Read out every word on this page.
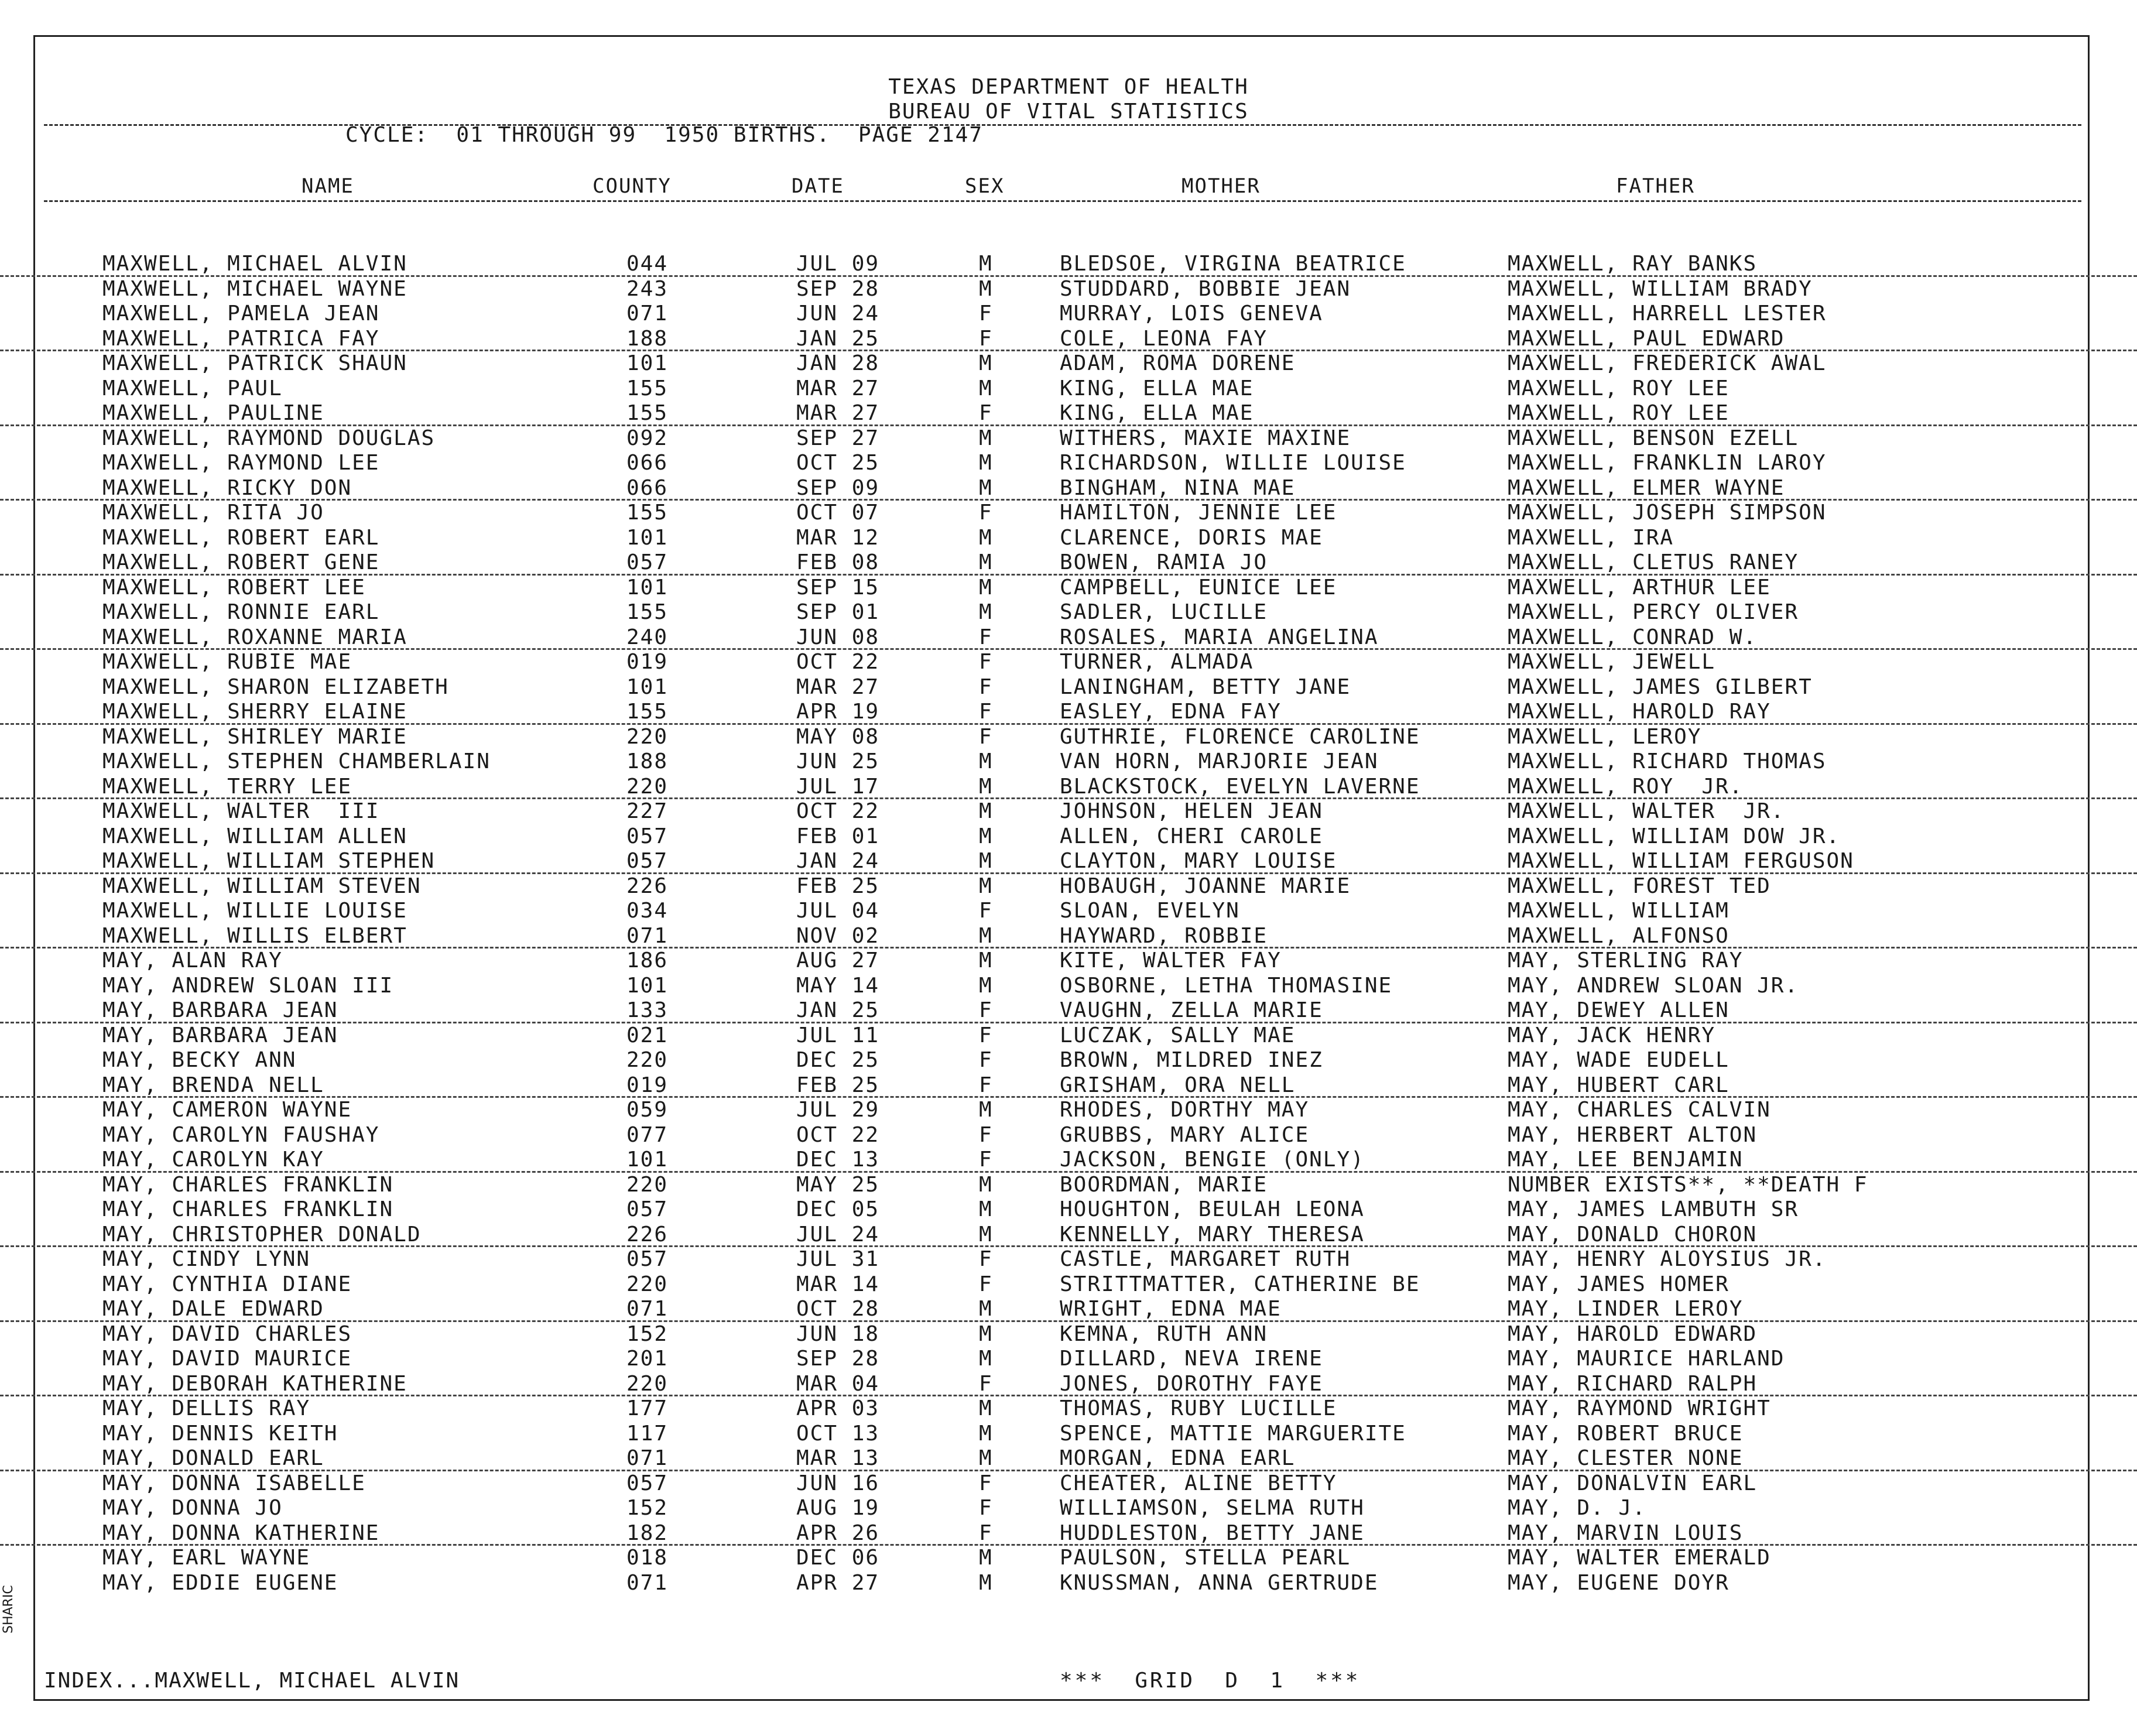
TEXAS DEPARTMENT OF HEALTH
BUREAU OF VITAL STATISTICS
CYCLE:  01 THROUGH 99  1950 BIRTHS.  PAGE 2147
NAME	COUNTY	DATE	SEX	MOTHER	FATHER
MAXWELL, MICHAEL ALVIN	044	JUL 09	M	BLEDSOE, VIRGINA BEATRICE	MAXWELL, RAY BANKS
MAXWELL, MICHAEL WAYNE	243	SEP 28	M	STUDDARD, BOBBIE JEAN	MAXWELL, WILLIAM BRADY
MAXWELL, PAMELA JEAN	071	JUN 24	F	MURRAY, LOIS GENEVA	MAXWELL, HARRELL LESTER
MAXWELL, PATRICA FAY	188	JAN 25	F	COLE, LEONA FAY	MAXWELL, PAUL EDWARD
MAXWELL, PATRICK SHAUN	101	JAN 28	M	ADAM, ROMA DORENE	MAXWELL, FREDERICK AWAL
MAXWELL, PAUL	155	MAR 27	M	KING, ELLA MAE	MAXWELL, ROY LEE
MAXWELL, PAULINE	155	MAR 27	F	KING, ELLA MAE	MAXWELL, ROY LEE
MAXWELL, RAYMOND DOUGLAS	092	SEP 27	M	WITHERS, MAXIE MAXINE	MAXWELL, BENSON EZELL
MAXWELL, RAYMOND LEE	066	OCT 25	M	RICHARDSON, WILLIE LOUISE	MAXWELL, FRANKLIN LAROY
MAXWELL, RICKY DON	066	SEP 09	M	BINGHAM, NINA MAE	MAXWELL, ELMER WAYNE
MAXWELL, RITA JO	155	OCT 07	F	HAMILTON, JENNIE LEE	MAXWELL, JOSEPH SIMPSON
MAXWELL, ROBERT EARL	101	MAR 12	M	CLARENCE, DORIS MAE	MAXWELL, IRA
MAXWELL, ROBERT GENE	057	FEB 08	M	BOWEN, RAMIA JO	MAXWELL, CLETUS RANEY
MAXWELL, ROBERT LEE	101	SEP 15	M	CAMPBELL, EUNICE LEE	MAXWELL, ARTHUR LEE
MAXWELL, RONNIE EARL	155	SEP 01	M	SADLER, LUCILLE	MAXWELL, PERCY OLIVER
MAXWELL, ROXANNE MARIA	240	JUN 08	F	ROSALES, MARIA ANGELINA	MAXWELL, CONRAD W.
MAXWELL, RUBIE MAE	019	OCT 22	F	TURNER, ALMADA	MAXWELL, JEWELL
MAXWELL, SHARON ELIZABETH	101	MAR 27	F	LANINGHAM, BETTY JANE	MAXWELL, JAMES GILBERT
MAXWELL, SHERRY ELAINE	155	APR 19	F	EASLEY, EDNA FAY	MAXWELL, HAROLD RAY
MAXWELL, SHIRLEY MARIE	220	MAY 08	F	GUTHRIE, FLORENCE CAROLINE	MAXWELL, LEROY
MAXWELL, STEPHEN CHAMBERLAIN	188	JUN 25	M	VAN HORN, MARJORIE JEAN	MAXWELL, RICHARD THOMAS
MAXWELL, TERRY LEE	220	JUL 17	M	BLACKSTOCK, EVELYN LAVERNE	MAXWELL, ROY  JR.
MAXWELL, WALTER  III	227	OCT 22	M	JOHNSON, HELEN JEAN	MAXWELL, WALTER  JR.
MAXWELL, WILLIAM ALLEN	057	FEB 01	M	ALLEN, CHERI CAROLE	MAXWELL, WILLIAM DOW JR.
MAXWELL, WILLIAM STEPHEN	057	JAN 24	M	CLAYTON, MARY LOUISE	MAXWELL, WILLIAM FERGUSON
MAXWELL, WILLIAM STEVEN	226	FEB 25	M	HOBAUGH, JOANNE MARIE	MAXWELL, FOREST TED
MAXWELL, WILLIE LOUISE	034	JUL 04	F	SLOAN, EVELYN	MAXWELL, WILLIAM
MAXWELL, WILLIS ELBERT	071	NOV 02	M	HAYWARD, ROBBIE	MAXWELL, ALFONSO
MAY, ALAN RAY	186	AUG 27	M	KITE, WALTER FAY	MAY, STERLING RAY
MAY, ANDREW SLOAN III	101	MAY 14	M	OSBORNE, LETHA THOMASINE	MAY, ANDREW SLOAN JR.
MAY, BARBARA JEAN	133	JAN 25	F	VAUGHN, ZELLA MARIE	MAY, DEWEY ALLEN
MAY, BARBARA JEAN	021	JUL 11	F	LUCZAK, SALLY MAE	MAY, JACK HENRY
MAY, BECKY ANN	220	DEC 25	F	BROWN, MILDRED INEZ	MAY, WADE EUDELL
MAY, BRENDA NELL	019	FEB 25	F	GRISHAM, ORA NELL	MAY, HUBERT CARL
MAY, CAMERON WAYNE	059	JUL 29	M	RHODES, DORTHY MAY	MAY, CHARLES CALVIN
MAY, CAROLYN FAUSHAY	077	OCT 22	F	GRUBBS, MARY ALICE	MAY, HERBERT ALTON
MAY, CAROLYN KAY	101	DEC 13	F	JACKSON, BENGIE (ONLY)	MAY, LEE BENJAMIN
MAY, CHARLES FRANKLIN	220	MAY 25	M	BOORDMAN, MARIE	NUMBER EXISTS**, **DEATH F
MAY, CHARLES FRANKLIN	057	DEC 05	M	HOUGHTON, BEULAH LEONA	MAY, JAMES LAMBUTH SR
MAY, CHRISTOPHER DONALD	226	JUL 24	M	KENNELLY, MARY THERESA	MAY, DONALD CHORON
MAY, CINDY LYNN	057	JUL 31	F	CASTLE, MARGARET RUTH	MAY, HENRY ALOYSIUS JR.
MAY, CYNTHIA DIANE	220	MAR 14	F	STRITTMATTER, CATHERINE BE	MAY, JAMES HOMER
MAY, DALE EDWARD	071	OCT 28	M	WRIGHT, EDNA MAE	MAY, LINDER LEROY
MAY, DAVID CHARLES	152	JUN 18	M	KEMNA, RUTH ANN	MAY, HAROLD EDWARD
MAY, DAVID MAURICE	201	SEP 28	M	DILLARD, NEVA IRENE	MAY, MAURICE HARLAND
MAY, DEBORAH KATHERINE	220	MAR 04	F	JONES, DOROTHY FAYE	MAY, RICHARD RALPH
MAY, DELLIS RAY	177	APR 03	M	THOMAS, RUBY LUCILLE	MAY, RAYMOND WRIGHT
MAY, DENNIS KEITH	117	OCT 13	M	SPENCE, MATTIE MARGUERITE	MAY, ROBERT BRUCE
MAY, DONALD EARL	071	MAR 13	M	MORGAN, EDNA EARL	MAY, CLESTER NONE
MAY, DONNA ISABELLE	057	JUN 16	F	CHEATER, ALINE BETTY	MAY, DONALVIN EARL
MAY, DONNA JO	152	AUG 19	F	WILLIAMSON, SELMA RUTH	MAY, D. J.
MAY, DONNA KATHERINE	182	APR 26	F	HUDDLESTON, BETTY JANE	MAY, MARVIN LOUIS
MAY, EARL WAYNE	018	DEC 06	M	PAULSON, STELLA PEARL	MAY, WALTER EMERALD
MAY, EDDIE EUGENE	071	APR 27	M	KNUSSMAN, ANNA GERTRUDE	MAY, EUGENE DOYR
INDEX...MAXWELL, MICHAEL ALVIN	***  GRID  D  1  ***
SHARIC
